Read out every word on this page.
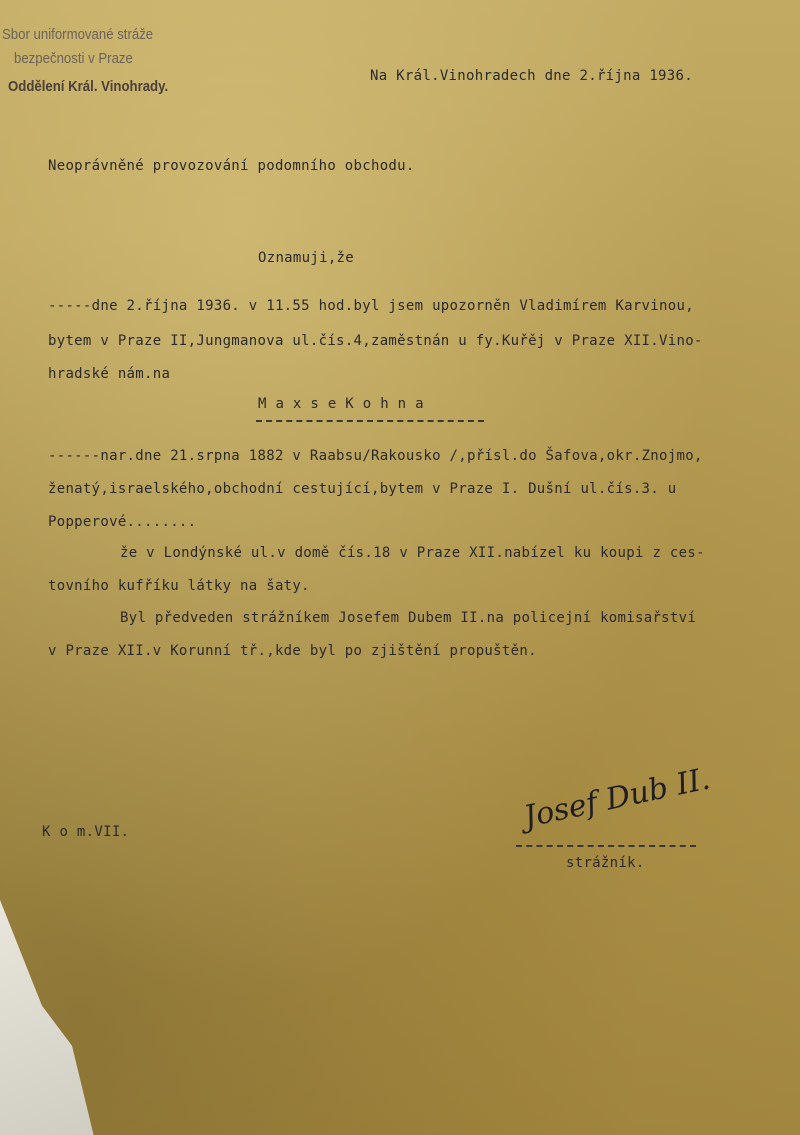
Sbor uniformované stráže
bezpečnosti v Praze
Oddělení Král. Vinohrady.
Na Král.Vinohradech dne 2.října 1936.
Neoprávněné provozování podomního obchodu.
Oznamuji,že
-----dne 2.října 1936. v 11.55 hod.byl jsem upozorněn Vladimírem Karvinou,
bytem v Praze II,Jungmanova ul.čís.4,zaměstnán u fy.Kuřěj v Praze XII.Vino-
hradské nám.na
M a x s e K o h n a
------nar.dne 21.srpna 1882 v Raabsu/Rakousko /,přísl.do Šafova,okr.Znojmo,
ženatý,israelského,obchodní cestující,bytem v Praze I. Dušní ul.čís.3. u
Popperové........
že v Londýnské ul.v domě čís.18 v Praze XII.nabízel ku koupi z ces-
tovního kufříku látky na šaty.
Byl předveden strážníkem Josefem Dubem II.na policejní komisařství
v Praze XII.v Korunní tř.,kde byl po zjištění propuštěn.
K o m.VII.	Josef Dub II.
strážník.
